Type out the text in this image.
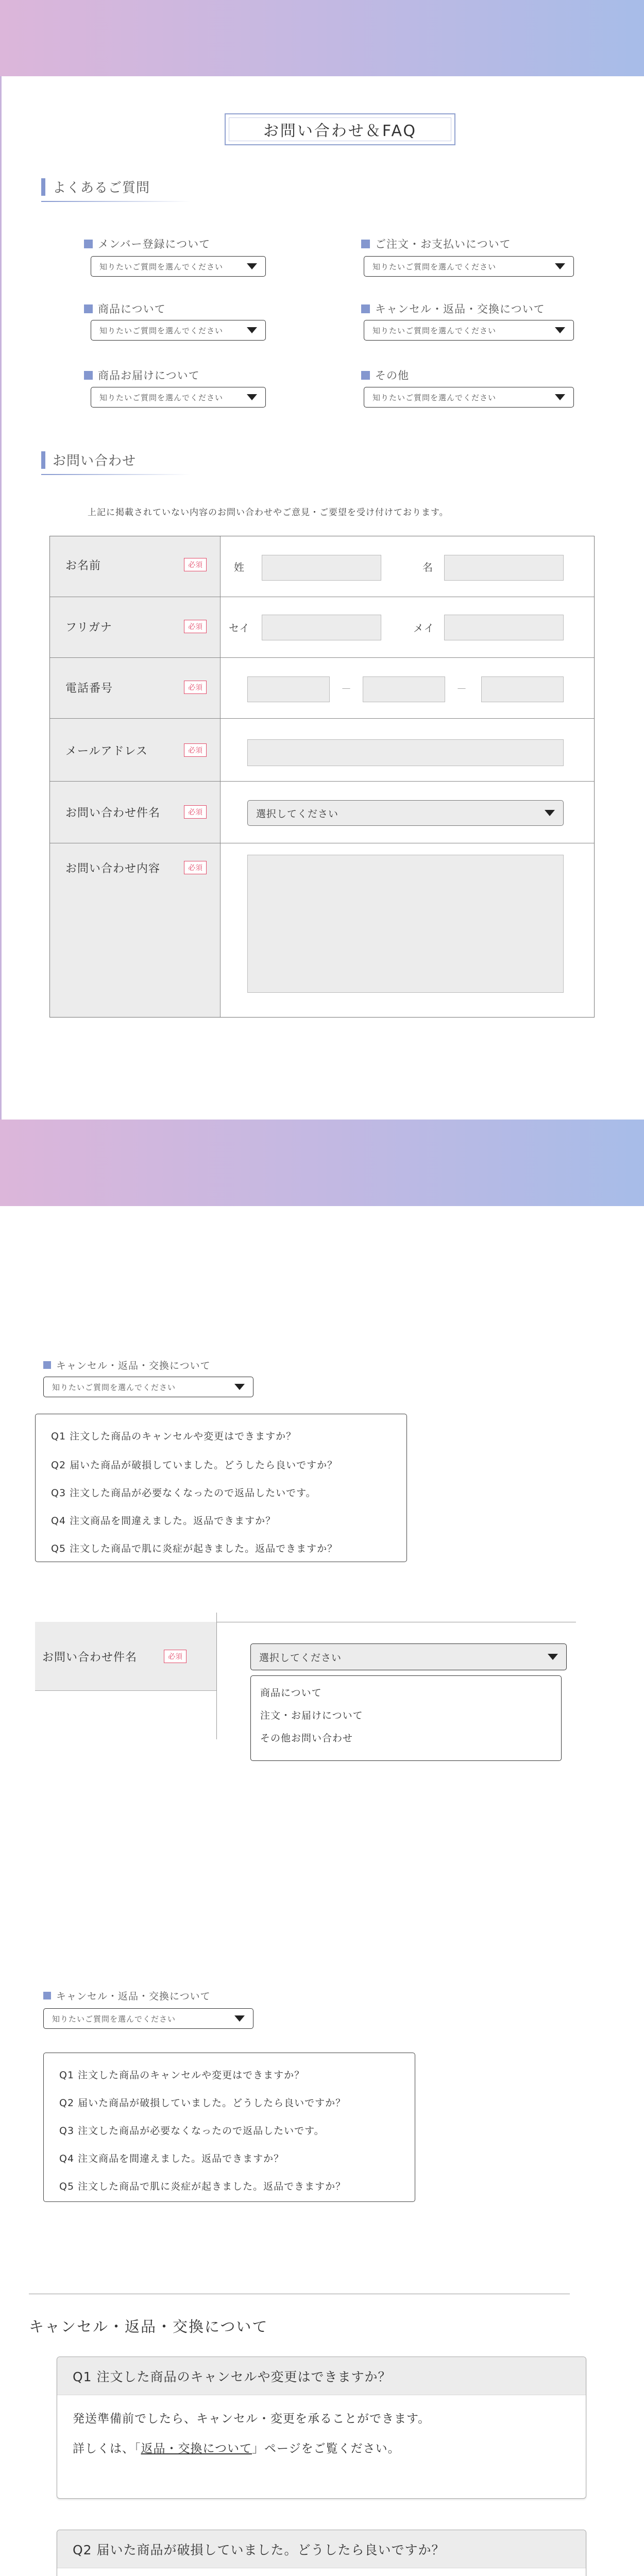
お問い合わせ＆FAQ
よくあるご質問
メンバー登録について
知りたいご質問を選んでください
商品について
知りたいご質問を選んでください
商品お届けについて
知りたいご質問を選んでください
ご注文・お支払いについて
知りたいご質問を選んでください
キャンセル・返品・交換について
知りたいご質問を選んでください
その他
知りたいご質問を選んでください
お問い合わせ
上記に掲載されていない内容のお問い合わせやご意見・ご要望を受け付けております。
お名前	必須	姓	名
フリガナ	必須	セイ	メイ
電話番号	必須	－	－
メールアドレス	必須
お問い合わせ件名	必須	選択してください
お問い合わせ内容	必須
キャンセル・返品・交換について
知りたいご質問を選んでください
Q1 注文した商品のキャンセルや変更はできますか？
Q2 届いた商品が破損していました。どうしたら良いですか？
Q3 注文した商品が必要なくなったので返品したいです。
Q4 注文商品を間違えました。返品できますか？
Q5 注文した商品で肌に炎症が起きました。返品できますか？
お問い合わせ件名	必須	選択してください
商品について
注文・お届けについて
その他お問い合わせ
キャンセル・返品・交換について
知りたいご質問を選んでください
Q1 注文した商品のキャンセルや変更はできますか？
Q2 届いた商品が破損していました。どうしたら良いですか？
Q3 注文した商品が必要なくなったので返品したいです。
Q4 注文商品を間違えました。返品できますか？
Q5 注文した商品で肌に炎症が起きました。返品できますか？
キャンセル・返品・交換について
Q1 注文した商品のキャンセルや変更はできますか？

発送準備前でしたら、キャンセル・変更を承ることができます。

詳しくは、「返品・交換について」ページをご覧ください。

Q2 届いた商品が破損していました。どうしたら良いですか？
